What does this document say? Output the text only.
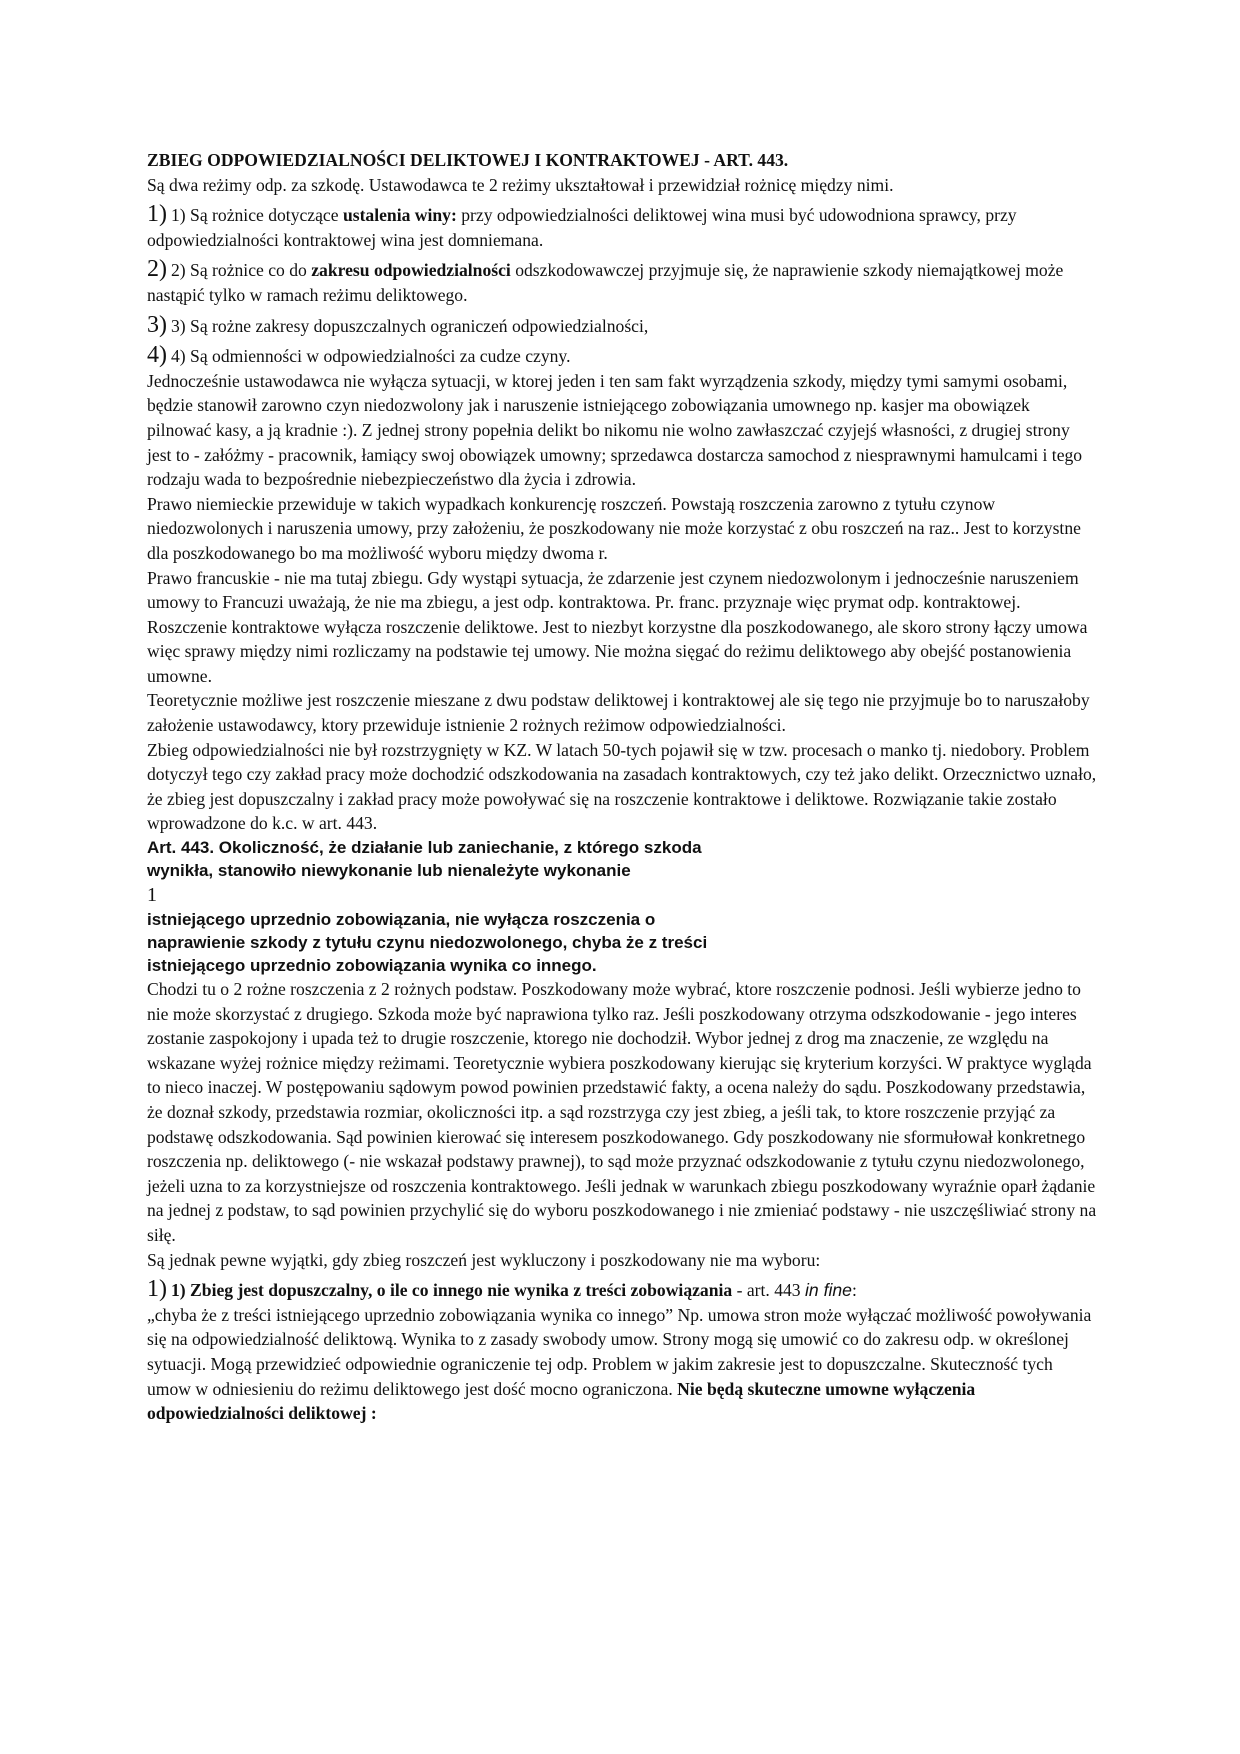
ZBIEG ODPOWIEDZIALNOŚCI DELIKTOWEJ I KONTRAKTOWEJ - ART. 443.

Są dwa reżimy odp. za szkodę. Ustawodawca te 2 reżimy ukształtował i przewidział rożnicę między nimi.

1) 1) Są rożnice dotyczące ustalenia winy: przy odpowiedzialności deliktowej wina musi być udowodniona sprawcy, przy odpowiedzialności kontraktowej wina jest domniemana.

2) 2) Są rożnice co do zakresu odpowiedzialności odszkodowawczej przyjmuje się, że naprawienie szkody niemajątkowej może nastąpić tylko w ramach reżimu deliktowego.

3) 3) Są rożne zakresy dopuszczalnych ograniczeń odpowiedzialności,

4) 4) Są odmienności w odpowiedzialności za cudze czyny.

Jednocześnie ustawodawca nie wyłącza sytuacji, w ktorej jeden i ten sam fakt wyrządzenia szkody, między tymi samymi osobami, będzie stanowił zarowno czyn niedozwolony jak i naruszenie istniejącego zobowiązania umownego np. kasjer ma obowiązek pilnować kasy, a ją kradnie :). Z jednej strony popełnia delikt bo nikomu nie wolno zawłaszczać czyjejś własności, z drugiej strony jest to - załóżmy - pracownik, łamiący swoj obowiązek umowny; sprzedawca dostarcza samochod z niesprawnymi hamulcami i tego rodzaju wada to bezpośrednie niebezpieczeństwo dla życia i zdrowia.

Prawo niemieckie przewiduje w takich wypadkach konkurencję roszczeń. Powstają roszczenia zarowno z tytułu czynow niedozwolonych i naruszenia umowy, przy założeniu, że poszkodowany nie może korzystać z obu roszczeń na raz.. Jest to korzystne dla poszkodowanego bo ma możliwość wyboru między dwoma r.

Prawo francuskie - nie ma tutaj zbiegu. Gdy wystąpi sytuacja, że zdarzenie jest czynem niedozwolonym i jednocześnie naruszeniem umowy to Francuzi uważają, że nie ma zbiegu, a jest odp. kontraktowa. Pr. franc. przyznaje więc prymat odp. kontraktowej. Roszczenie kontraktowe wyłącza roszczenie deliktowe. Jest to niezbyt korzystne dla poszkodowanego, ale skoro strony łączy umowa więc sprawy między nimi rozliczamy na podstawie tej umowy. Nie można sięgać do reżimu deliktowego aby obejść postanowienia umowne.

Teoretycznie możliwe jest roszczenie mieszane z dwu podstaw deliktowej i kontraktowej ale się tego nie przyjmuje bo to naruszałoby założenie ustawodawcy, ktory przewiduje istnienie 2 rożnych reżimow odpowiedzialności.

Zbieg odpowiedzialności nie był rozstrzygnięty w KZ. W latach 50-tych pojawił się w tzw. procesach o manko tj. niedobory. Problem dotyczył tego czy zakład pracy może dochodzić odszkodowania na zasadach kontraktowych, czy też jako delikt. Orzecznictwo uznało, że zbieg jest dopuszczalny i zakład pracy może powoływać się na roszczenie kontraktowe i deliktowe. Rozwiązanie takie zostało wprowadzone do k.c. w art. 443.

Art. 443. Okoliczność, że działanie lub zaniechanie, z którego szkoda

wynikła, stanowiło niewykonanie lub nienależyte wykonanie

1

istniejącego uprzednio zobowiązania, nie wyłącza roszczenia o

naprawienie szkody z tytułu czynu niedozwolonego, chyba że z treści

istniejącego uprzednio zobowiązania wynika co innego.

Chodzi tu o 2 rożne roszczenia z 2 rożnych podstaw. Poszkodowany może wybrać, ktore roszczenie podnosi. Jeśli wybierze jedno to nie może skorzystać z drugiego. Szkoda może być naprawiona tylko raz. Jeśli poszkodowany otrzyma odszkodowanie - jego interes zostanie zaspokojony i upada też to drugie roszczenie, ktorego nie dochodził. Wybor jednej z drog ma znaczenie, ze względu na wskazane wyżej rożnice między reżimami. Teoretycznie wybiera poszkodowany kierując się kryterium korzyści. W praktyce wygląda to nieco inaczej. W postępowaniu sądowym powod powinien przedstawić fakty, a ocena należy do sądu. Poszkodowany przedstawia, że doznał szkody, przedstawia rozmiar, okoliczności itp. a sąd rozstrzyga czy jest zbieg, a jeśli tak, to ktore roszczenie przyjąć za podstawę odszkodowania. Sąd powinien kierować się interesem poszkodowanego. Gdy poszkodowany nie sformułował konkretnego roszczenia np. deliktowego (- nie wskazał podstawy prawnej), to sąd może przyznać odszkodowanie z tytułu czynu niedozwolonego, jeżeli uzna to za korzystniejsze od roszczenia kontraktowego. Jeśli jednak w warunkach zbiegu poszkodowany wyraźnie oparł żądanie na jednej z podstaw, to sąd powinien przychylić się do wyboru poszkodowanego i nie zmieniać podstawy - nie uszczęśliwiać strony na siłę.

Są jednak pewne wyjątki, gdy zbieg roszczeń jest wykluczony i poszkodowany nie ma wyboru:

1) 1) Zbieg jest dopuszczalny, o ile co innego nie wynika z treści zobowiązania - art. 443 in fine:

„chyba że z treści istniejącego uprzednio zobowiązania wynika co innego” Np. umowa stron może wyłączać możliwość powoływania się na odpowiedzialność deliktową. Wynika to z zasady swobody umow. Strony mogą się umowić co do zakresu odp. w określonej sytuacji. Mogą przewidzieć odpowiednie ograniczenie tej odp. Problem w jakim zakresie jest to dopuszczalne. Skuteczność tych umow w odniesieniu do reżimu deliktowego jest dość mocno ograniczona. Nie będą skuteczne umowne wyłączenia odpowiedzialności deliktowej :
